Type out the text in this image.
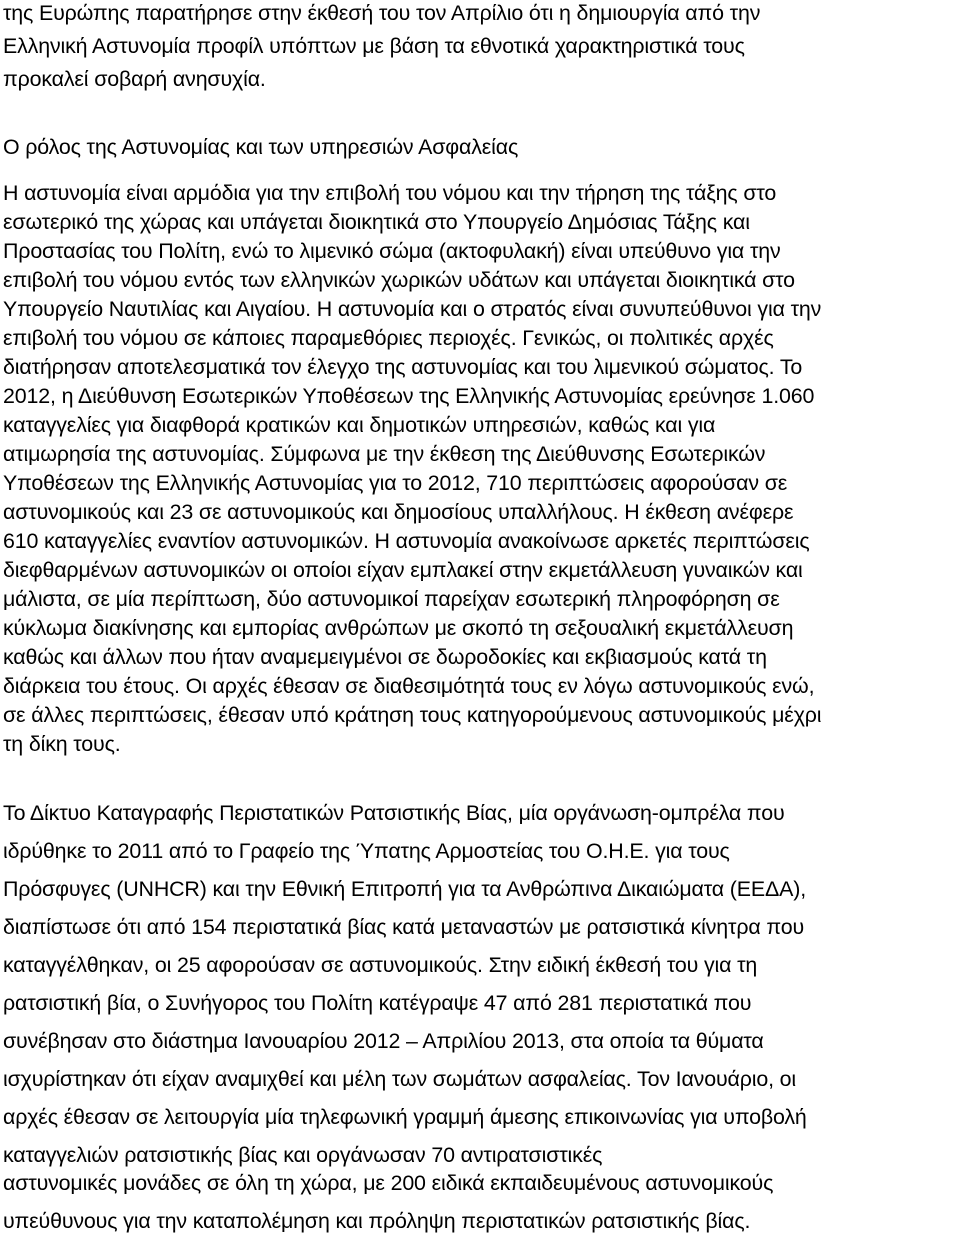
της Ευρώπης παρατήρησε στην έκθεσή του τον Απρίλιο ότι η δημιουργία από την
Ελληνική Αστυνομία προφίλ υπόπτων με βάση τα εθνοτικά χαρακτηριστικά τους
προκαλεί σοβαρή ανησυχία.
Ο ρόλος της Αστυνομίας και των υπηρεσιών Ασφαλείας
Η αστυνομία είναι αρμόδια για την επιβολή του νόμου και την τήρηση της τάξης στο
εσωτερικό της χώρας και υπάγεται διοικητικά στο Υπουργείο Δημόσιας Τάξης και
Προστασίας του Πολίτη, ενώ το λιμενικό σώμα (ακτοφυλακή) είναι υπεύθυνο για την
επιβολή του νόμου εντός των ελληνικών χωρικών υδάτων και υπάγεται διοικητικά στο
Υπουργείο Ναυτιλίας και Αιγαίου. Η αστυνομία και ο στρατός είναι συνυπεύθυνοι για την
επιβολή του νόμου σε κάποιες παραμεθόριες περιοχές. Γενικώς, οι πολιτικές αρχές
διατήρησαν αποτελεσματικά τον έλεγχο της αστυνομίας και του λιμενικού σώματος. Το
2012, η Διεύθυνση Εσωτερικών Υποθέσεων της Ελληνικής Αστυνομίας ερεύνησε 1.060
καταγγελίες για διαφθορά κρατικών και δημοτικών υπηρεσιών, καθώς και για
ατιμωρησία της αστυνομίας. Σύμφωνα με την έκθεση της Διεύθυνσης Εσωτερικών
Υποθέσεων της Ελληνικής Αστυνομίας για το 2012, 710 περιπτώσεις αφορούσαν σε
αστυνομικούς και 23 σε αστυνομικούς και δημοσίους υπαλλήλους. Η έκθεση ανέφερε
610 καταγγελίες εναντίον αστυνομικών. Η αστυνομία ανακοίνωσε αρκετές περιπτώσεις
διεφθαρμένων αστυνομικών οι οποίοι είχαν εμπλακεί στην εκμετάλλευση γυναικών και
μάλιστα, σε μία περίπτωση, δύο αστυνομικοί παρείχαν εσωτερική πληροφόρηση σε
κύκλωμα διακίνησης και εμπορίας ανθρώπων με σκοπό τη σεξουαλική εκμετάλλευση
καθώς και άλλων που ήταν αναμεμειγμένοι σε δωροδοκίες και εκβιασμούς κατά τη
διάρκεια του έτους. Οι αρχές έθεσαν σε διαθεσιμότητά τους εν λόγω αστυνομικούς ενώ,
σε άλλες περιπτώσεις, έθεσαν υπό κράτηση τους κατηγορούμενους αστυνομικούς μέχρι
τη δίκη τους.
Το Δίκτυο Καταγραφής Περιστατικών Ρατσιστικής Βίας, μία οργάνωση-ομπρέλα που
ιδρύθηκε το 2011 από το Γραφείο της Ύπατης Αρμοστείας του Ο.Η.Ε. για τους
Πρόσφυγες (UNHCR) και την Εθνική Επιτροπή για τα Ανθρώπινα Δικαιώματα (ΕΕΔΑ),
διαπίστωσε ότι από 154 περιστατικά βίας κατά μεταναστών με ρατσιστικά κίνητρα που
καταγγέλθηκαν, οι 25 αφορούσαν σε αστυνομικούς. Στην ειδική έκθεσή του για τη
ρατσιστική βία, ο Συνήγορος του Πολίτη κατέγραψε 47 από 281 περιστατικά που
συνέβησαν στο διάστημα Ιανουαρίου 2012 – Απριλίου 2013, στα οποία τα θύματα
ισχυρίστηκαν ότι είχαν αναμιχθεί και μέλη των σωμάτων ασφαλείας. Τον Ιανουάριο, οι
αρχές έθεσαν σε λειτουργία μία τηλεφωνική γραμμή άμεσης επικοινωνίας για υποβολή
καταγγελιών ρατσιστικής βίας και οργάνωσαν 70 αντιρατσιστικές
αστυνομικές μονάδες σε όλη τη χώρα, με 200 ειδικά εκπαιδευμένους αστυνομικούς
υπεύθυνους για την καταπολέμηση και πρόληψη περιστατικών ρατσιστικής βίας.
